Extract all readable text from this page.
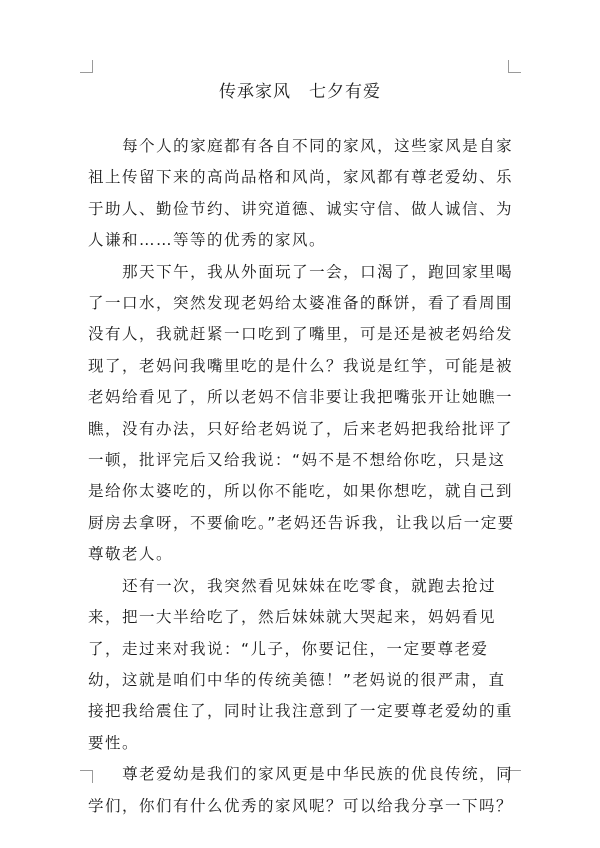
传承家风　七夕有爱

每个人的家庭都有各自不同的家风，这些家风是自家祖上传留下来的高尚品格和风尚，家风都有尊老爱幼、乐于助人、勤俭节约、讲究道德、诚实守信、做人诚信、为人谦和……等等的优秀的家风。

那天下午，我从外面玩了一会，口渴了，跑回家里喝了一口水，突然发现老妈给太婆准备的酥饼，看了看周围没有人，我就赶紧一口吃到了嘴里，可是还是被老妈给发现了，老妈问我嘴里吃的是什么？我说是红竽，可能是被老妈给看见了，所以老妈不信非要让我把嘴张开让她瞧一瞧，没有办法，只好给老妈说了，后来老妈把我给批评了一顿，批评完后又给我说：“妈不是不想给你吃，只是这是给你太婆吃的，所以你不能吃，如果你想吃，就自己到厨房去拿呀，不要偷吃。”老妈还告诉我，让我以后一定要尊敬老人。

还有一次，我突然看见妹妹在吃零食，就跑去抢过来，把一大半给吃了，然后妹妹就大哭起来，妈妈看见了，走过来对我说：“儿子，你要记住，一定要尊老爱幼，这就是咱们中华的传统美德！”老妈说的很严肃，直接把我给震住了，同时让我注意到了一定要尊老爱幼的重要性。

尊老爱幼是我们的家风更是中华民族的优良传统，同学们，你们有什么优秀的家风呢？可以给我分享一下吗？
